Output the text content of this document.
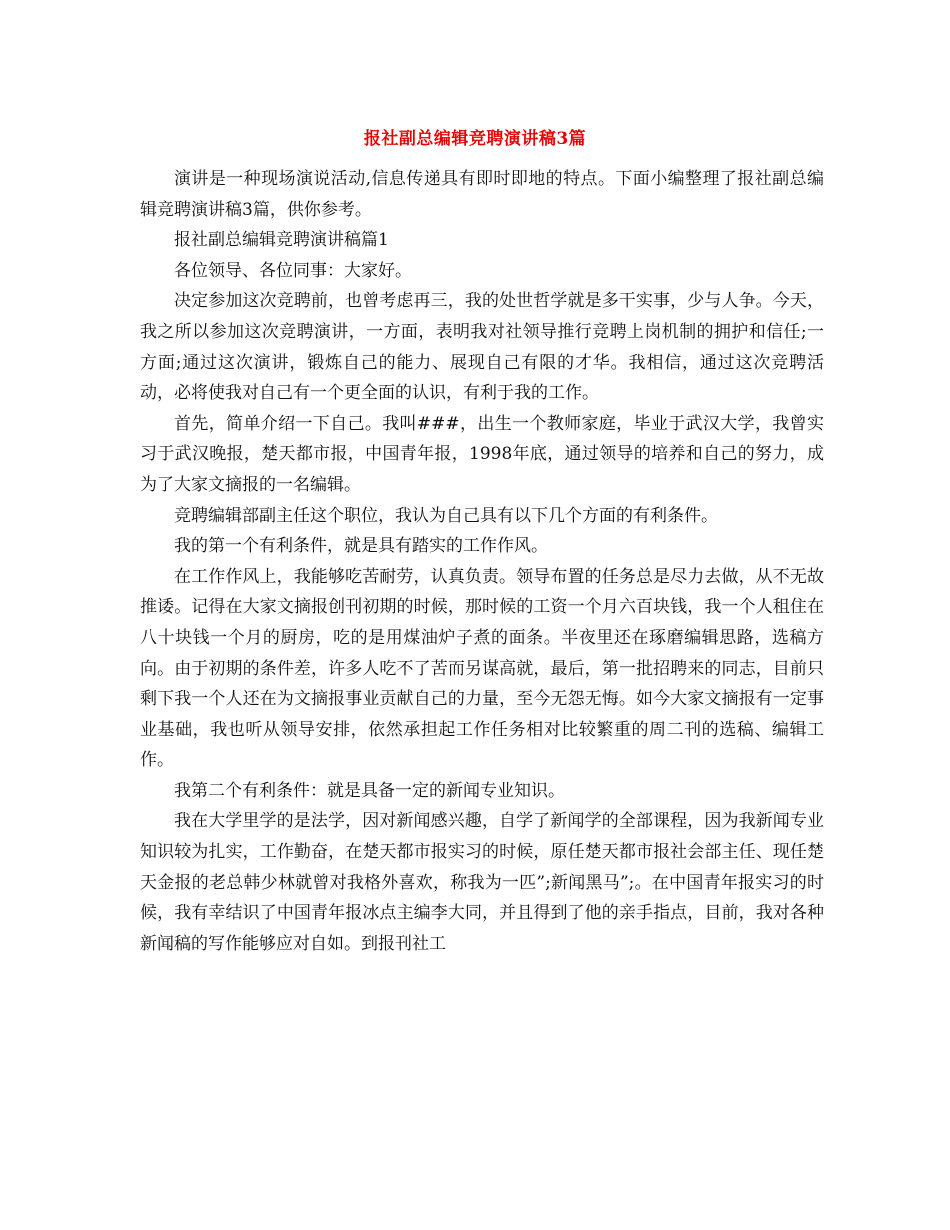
报社副总编辑竞聘演讲稿3篇

演讲是一种现场演说活动,信息传递具有即时即地的特点。下面小编整理了报社副总编辑竞聘演讲稿3篇，供你参考。

报社副总编辑竞聘演讲稿篇1

各位领导、各位同事：大家好。

决定参加这次竞聘前，也曾考虑再三，我的处世哲学就是多干实事，少与人争。今天，我之所以参加这次竞聘演讲，一方面，表明我对社领导推行竞聘上岗机制的拥护和信任;一方面;通过这次演讲，锻炼自己的能力、展现自己有限的才华。我相信，通过这次竞聘活动，必将使我对自己有一个更全面的认识，有利于我的工作。

首先，简单介绍一下自己。我叫###，出生一个教师家庭，毕业于武汉大学，我曾实习于武汉晚报，楚天都市报，中国青年报，1998年底，通过领导的培养和自己的努力，成为了大家文摘报的一名编辑。

竞聘编辑部副主任这个职位，我认为自己具有以下几个方面的有利条件。

我的第一个有利条件，就是具有踏实的工作作风。

在工作作风上，我能够吃苦耐劳，认真负责。领导布置的任务总是尽力去做，从不无故推诿。记得在大家文摘报创刊初期的时候，那时候的工资一个月六百块钱，我一个人租住在八十块钱一个月的厨房，吃的是用煤油炉子煮的面条。半夜里还在琢磨编辑思路，选稿方向。由于初期的条件差，许多人吃不了苦而另谋高就，最后，第一批招聘来的同志，目前只剩下我一个人还在为文摘报事业贡献自己的力量，至今无怨无悔。如今大家文摘报有一定事业基础，我也听从领导安排，依然承担起工作任务相对比较繁重的周二刊的选稿、编辑工作。

我第二个有利条件：就是具备一定的新闻专业知识。

我在大学里学的是法学，因对新闻感兴趣，自学了新闻学的全部课程，因为我新闻专业知识较为扎实，工作勤奋，在楚天都市报实习的时候，原任楚天都市报社会部主任、现任楚天金报的老总韩少林就曾对我格外喜欢，称我为一匹”;新闻黑马”;。在中国青年报实习的时候，我有幸结识了中国青年报冰点主编李大同，并且得到了他的亲手指点，目前，我对各种新闻稿的写作能够应对自如。到报刊社工
